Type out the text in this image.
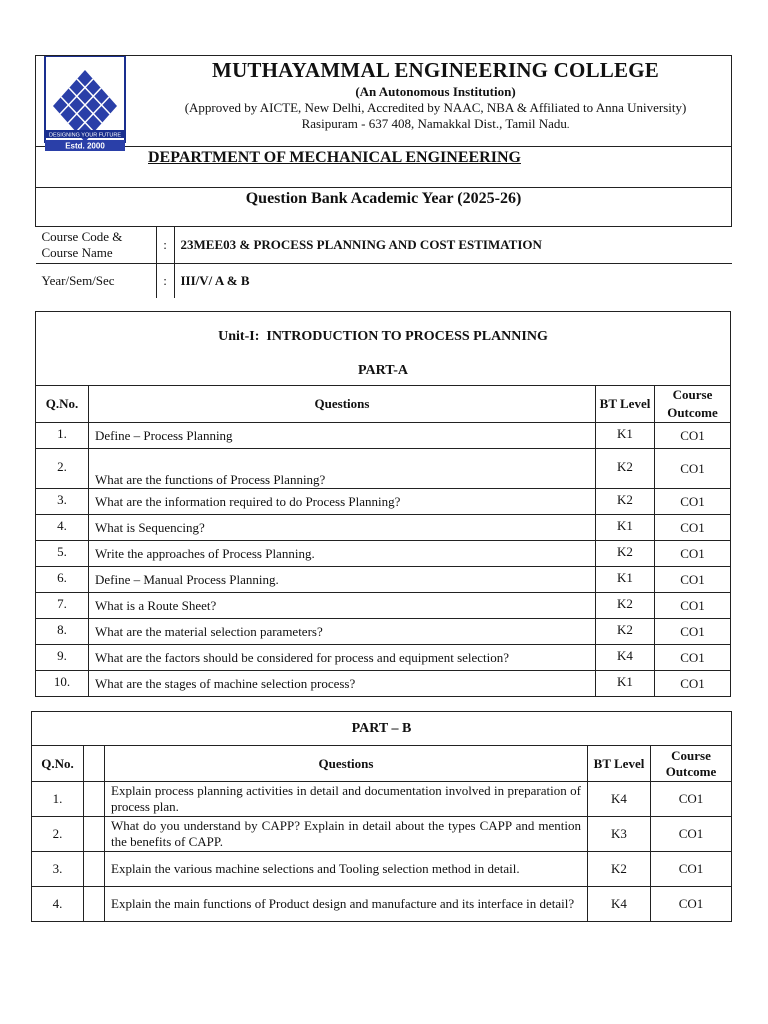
DESIGNING YOUR FUTURE
Estd. 2000

MUTHAYAMMAL ENGINEERING COLLEGE
(An Autonomous Institution)
(Approved by AICTE, New Delhi, Accredited by NAAC, NBA & Affiliated to Anna University)
Rasipuram - 637 408, Namakkal Dist., Tamil Nadu.

DEPARTMENT OF MECHANICAL ENGINEERING

Question Bank Academic Year (2025-26)

Course Code & Course Name	:	23MEE03 & PROCESS PLANNING AND COST ESTIMATION
Year/Sem/Sec	:	III/V/ A & B
Unit-I: INTRODUCTION TO PROCESS PLANNING
PART-A			

Q.No.	Questions	BT Level	Course Outcome
1.	Define – Process Planning	K1	CO1
2.	What are the functions of Process Planning?	K2	CO1
3.	What are the information required to do Process Planning?	K2	CO1
4.	What is Sequencing?	K1	CO1
5.	Write the approaches of Process Planning.	K2	CO1
6.	Define – Manual Process Planning.	K1	CO1
7.	What is a Route Sheet?	K2	CO1
8.	What are the material selection parameters?	K2	CO1
9.	What are the factors should be considered for process and equipment selection?	K4	CO1
10.	What are the stages of machine selection process?	K1	CO1
PART – B				
Q.No.		Questions	BT Level	Course Outcome
1.		Explain process planning activities in detail and documentation involved in preparation of process plan.	K4	CO1
2.		What do you understand by CAPP? Explain in detail about the types CAPP and mention the benefits of CAPP.	K3	CO1
3.		Explain the various machine selections and Tooling selection method in detail.	K2	CO1
4.		Explain the main functions of Product design and manufacture and its interface in detail?	K4	CO1
